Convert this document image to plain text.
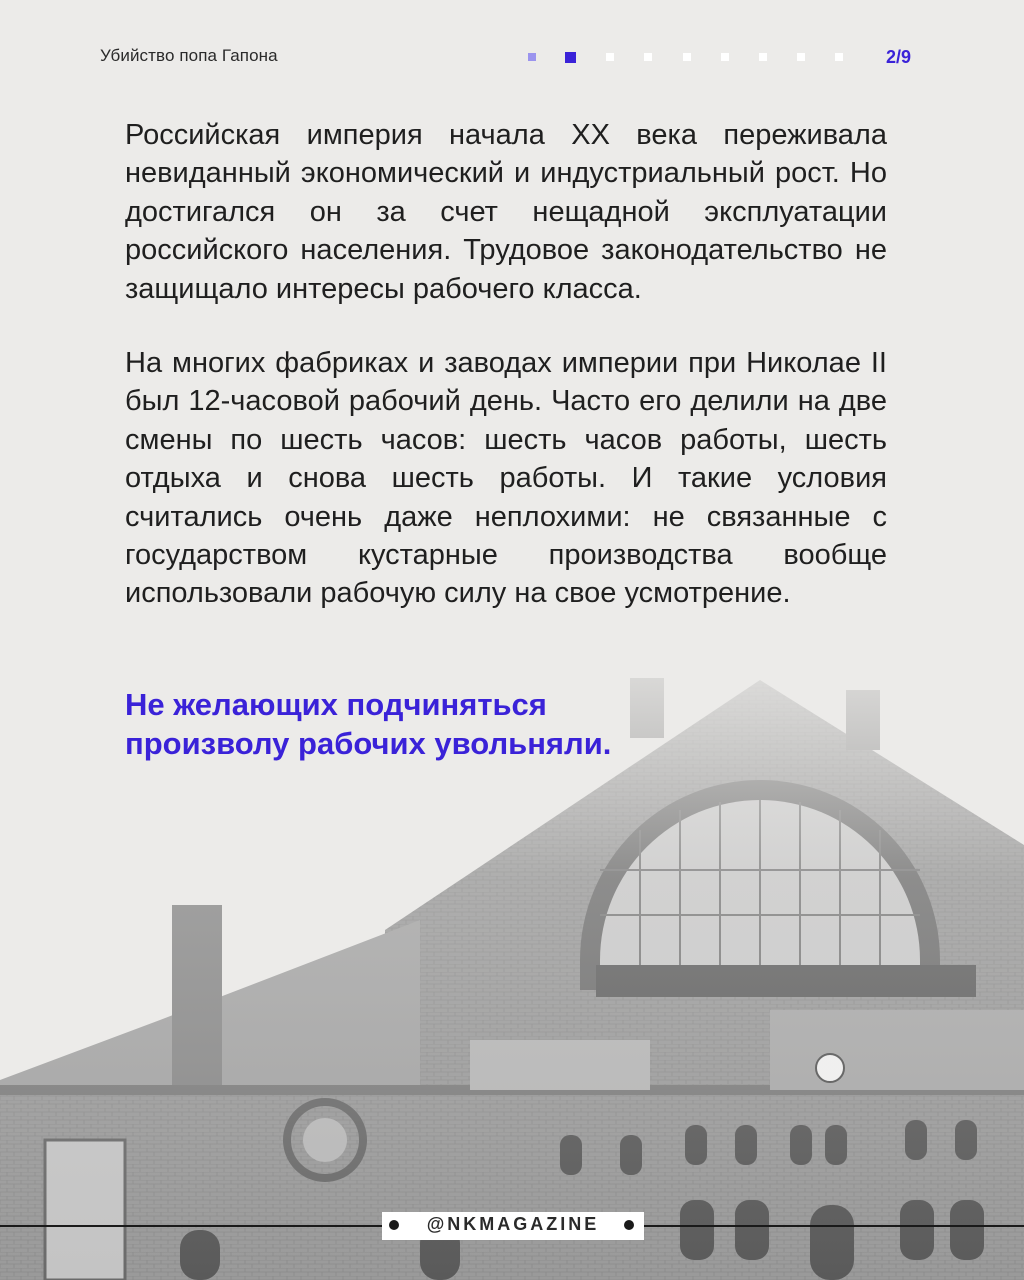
Убийство попа Гапона	2/9

Российская империя начала XX века переживала невиданный экономический и индустриальный рост. Но достигался он за счет нещадной эксплуатации российского населения. Трудовое законодательство не защищало интересы рабочего класса.

На многих фабриках и заводах империи при Николае II был 12-часовой рабочий день. Часто его делили на две смены по шесть часов: шесть часов работы, шесть отдыха и снова шесть работы. И такие условия считались очень даже неплохими: не связанные с государством кустарные производства вообще использовали рабочую силу на свое усмотрение.

Не желающих подчиняться произволу рабочих увольняли.

@NKMAGAZINE
